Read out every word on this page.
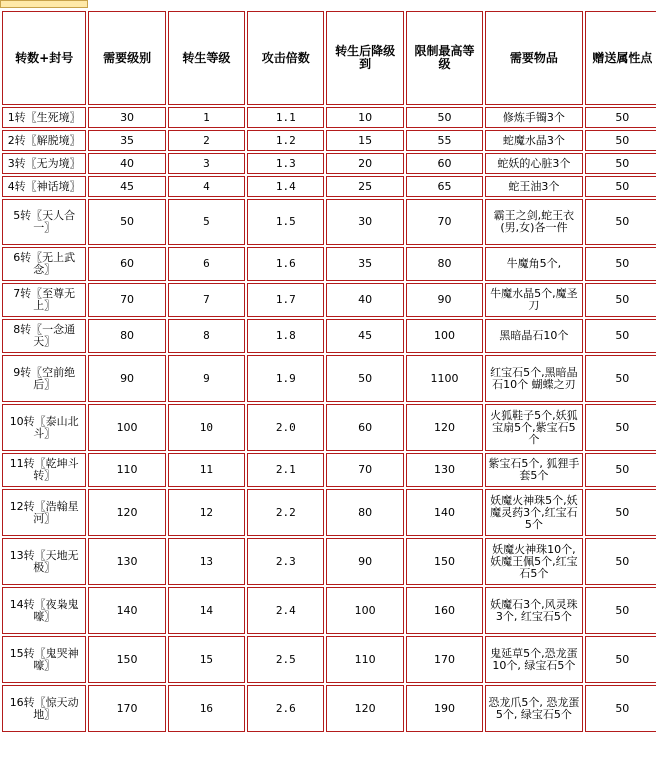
转数+封号	需要级别	转生等级	攻击倍数	转生后降级到	限制最高等级	需要物品	赠送属性点
1转〖生死境〗	30	1	1.1	10	50	修炼手镯3个	50
2转〖解脱境〗	35	2	1.2	15	55	蛇魔水晶3个	50
3转〖无为境〗	40	3	1.3	20	60	蛇妖的心脏3个	50
4转〖神话境〗	45	4	1.4	25	65	蛇王油3个	50
5转〖天人合一〗	50	5	1.5	30	70	霸王之剑,蛇王衣(男,女)各一件	50
6转〖无上武念〗	60	6	1.6	35	80	牛魔角5个,	50
7转〖至尊无上〗	70	7	1.7	40	90	牛魔水晶5个,魔圣刀	50
8转〖一念通天〗	80	8	1.8	45	100	黑暗晶石10个	50
9转〖空前绝后〗	90	9	1.9	50	1100	红宝石5个,黑暗晶石10个 蝴蝶之刃	50
10转〖泰山北斗〗	100	10	2.0	60	120	火狐鞋子5个,妖狐宝扇5个,紫宝石5个	50
11转〖乾坤斗转〗	110	11	2.1	70	130	紫宝石5个, 狐狸手套5个	50
12转〖浩翰星河〗	120	12	2.2	80	140	妖魔火神珠5个,妖魔灵药3个,红宝石5个	50
13转〖天地无极〗	130	13	2.3	90	150	妖魔火神珠10个,妖魔王佩5个,红宝石5个	50
14转〖夜枭鬼嚎〗	140	14	2.4	100	160	妖魔石3个,风灵珠3个, 红宝石5个	50
15转〖鬼哭神嚎〗	150	15	2.5	110	170	鬼延草5个,恐龙蛋10个, 绿宝石5个	50
16转〖惊天动地〗	170	16	2.6	120	190	恐龙爪5个, 恐龙蛋5个, 绿宝石5个	50
